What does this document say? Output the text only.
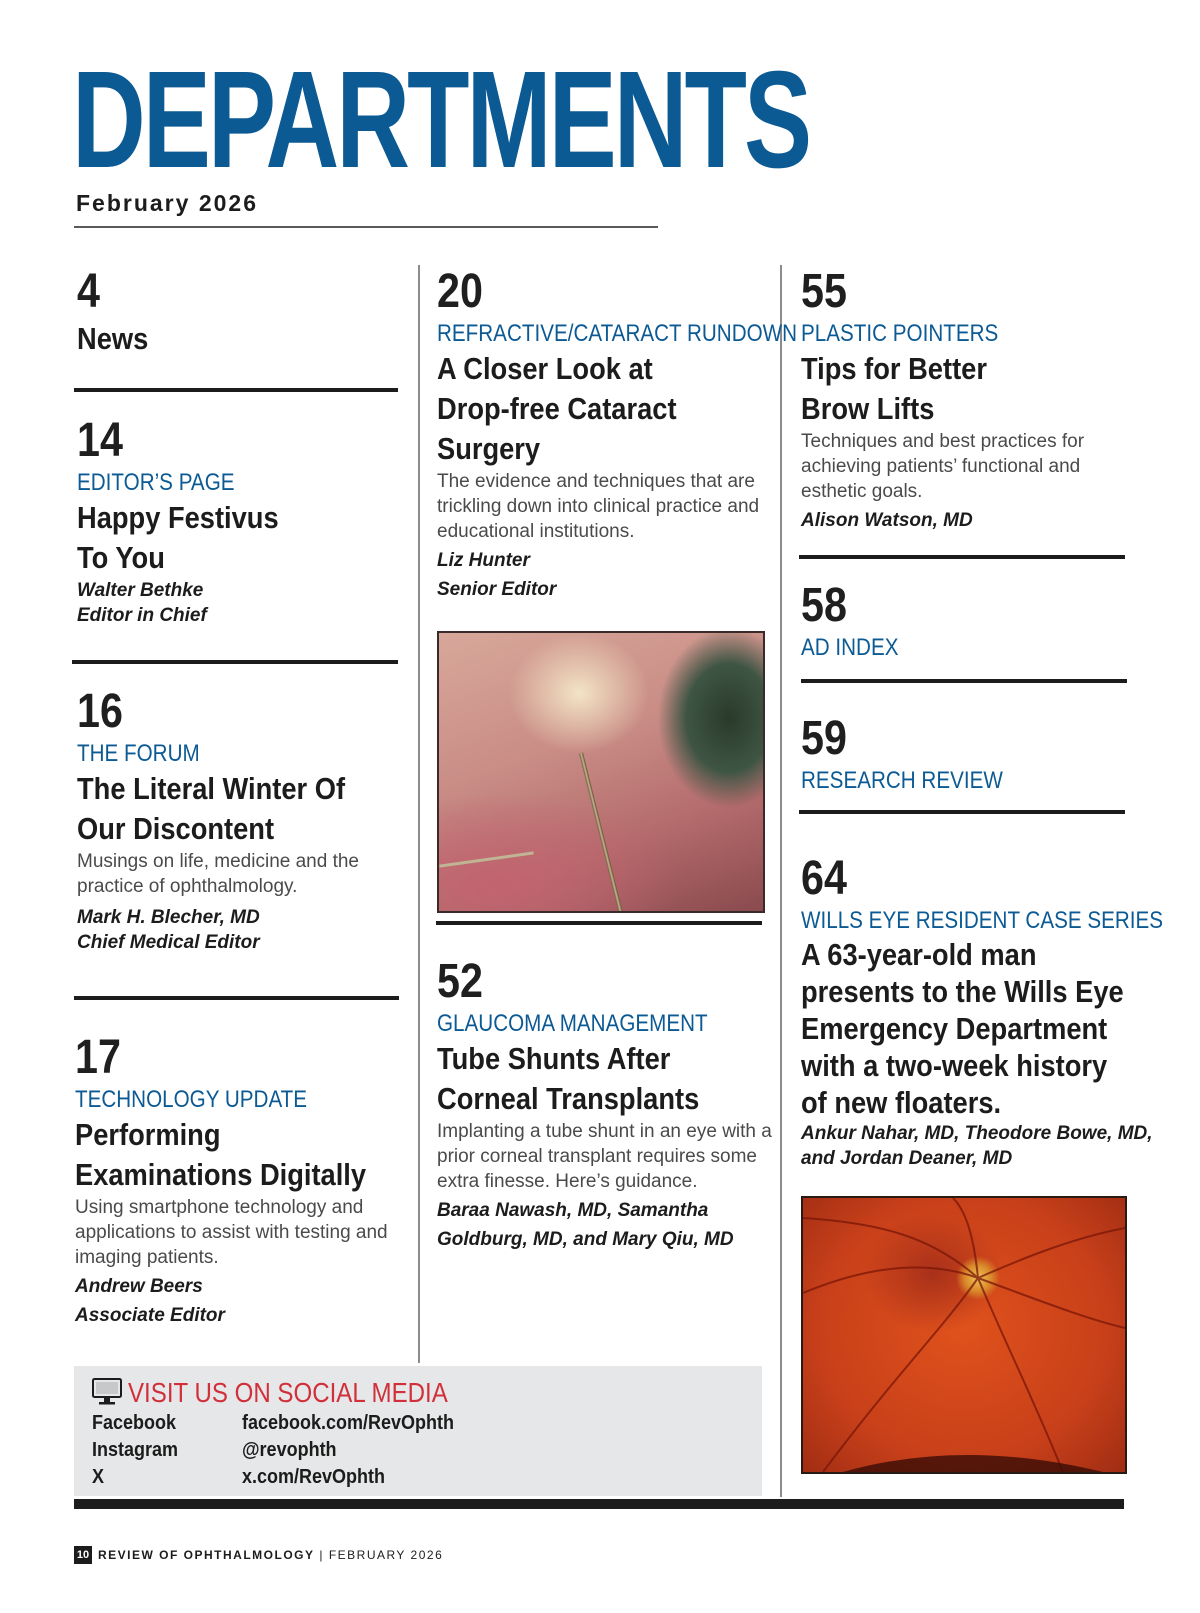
DEPARTMENTS
February 2026
4
News
14
EDITOR’S PAGE
Happy Festivus
To You
Walter Bethke
Editor in Chief
16
THE FORUM
The Literal Winter Of
Our Discontent
Musings on life, medicine and the
practice of ophthalmology.
Mark H. Blecher, MD
Chief Medical Editor
17
TECHNOLOGY UPDATE
Performing
Examinations Digitally
Using smartphone technology and
applications to assist with testing and
imaging patients.
Andrew Beers
Associate Editor
20
REFRACTIVE/CATARACT RUNDOWN
A Closer Look at
Drop-free Cataract
Surgery
The evidence and techniques that are
trickling down into clinical practice and
educational institutions.
Liz Hunter
Senior Editor
52
GLAUCOMA MANAGEMENT
Tube Shunts After
Corneal Transplants
Implanting a tube shunt in an eye with a
prior corneal transplant requires some
extra finesse. Here’s guidance.
Baraa Nawash, MD, Samantha
Goldburg, MD, and Mary Qiu, MD
55
PLASTIC POINTERS
Tips for Better
Brow Lifts
Techniques and best practices for
achieving patients’ functional and
esthetic goals.
Alison Watson, MD
58
AD INDEX
59
RESEARCH REVIEW
64
WILLS EYE RESIDENT CASE SERIES
A 63-year-old man
presents to the Wills Eye
Emergency Department
with a two-week history
of new floaters.
Ankur Nahar, MD, Theodore Bowe, MD,
and Jordan Deaner, MD
VISIT US ON SOCIAL MEDIA
Facebook	facebook.com/RevOphth
Instagram	@revophth
X	x.com/RevOphth
10 REVIEW OF OPHTHALMOLOGY | FEBRUARY 2026
